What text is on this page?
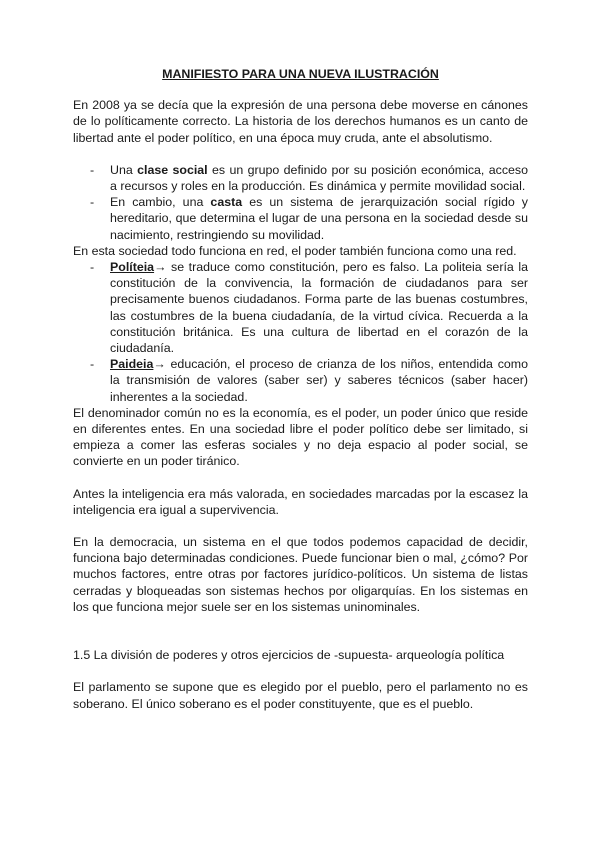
MANIFIESTO PARA UNA NUEVA ILUSTRACIÓN

En 2008 ya se decía que la expresión de una persona debe moverse en cánones de lo políticamente correcto. La historia de los derechos humanos es un canto de libertad ante el poder político, en una época muy cruda, ante el absolutismo.

- Una clase social es un grupo definido por su posición económica, acceso a recursos y roles en la producción. Es dinámica y permite movilidad social.
- En cambio, una casta es un sistema de jerarquización social rígido y hereditario, que determina el lugar de una persona en la sociedad desde su nacimiento, restringiendo su movilidad.

En esta sociedad todo funciona en red, el poder también funciona como una red.

- Políteia→ se traduce como constitución, pero es falso. La politeia sería la constitución de la convivencia, la formación de ciudadanos para ser precisamente buenos ciudadanos. Forma parte de las buenas costumbres, las costumbres de la buena ciudadanía, de la virtud cívica. Recuerda a la constitución británica. Es una cultura de libertad en el corazón de la ciudadanía.
- Paideia→ educación, el proceso de crianza de los niños, entendida como la transmisión de valores (saber ser) y saberes técnicos (saber hacer) inherentes a la sociedad.

El denominador común no es la economía, es el poder, un poder único que reside en diferentes entes. En una sociedad libre el poder político debe ser limitado, si empieza a comer las esferas sociales y no deja espacio al poder social, se convierte en un poder tiránico.

Antes la inteligencia era más valorada, en sociedades marcadas por la escasez la inteligencia era igual a supervivencia.

En la democracia, un sistema en el que todos podemos capacidad de decidir, funciona bajo determinadas condiciones. Puede funcionar bien o mal, ¿cómo? Por muchos factores, entre otras por factores jurídico-políticos. Un sistema de listas cerradas y bloqueadas son sistemas hechos por oligarquías. En los sistemas en los que funciona mejor suele ser en los sistemas uninominales.

1.5 La división de poderes y otros ejercicios de -supuesta- arqueología política

El parlamento se supone que es elegido por el pueblo, pero el parlamento no es soberano. El único soberano es el poder constituyente, que es el pueblo.
